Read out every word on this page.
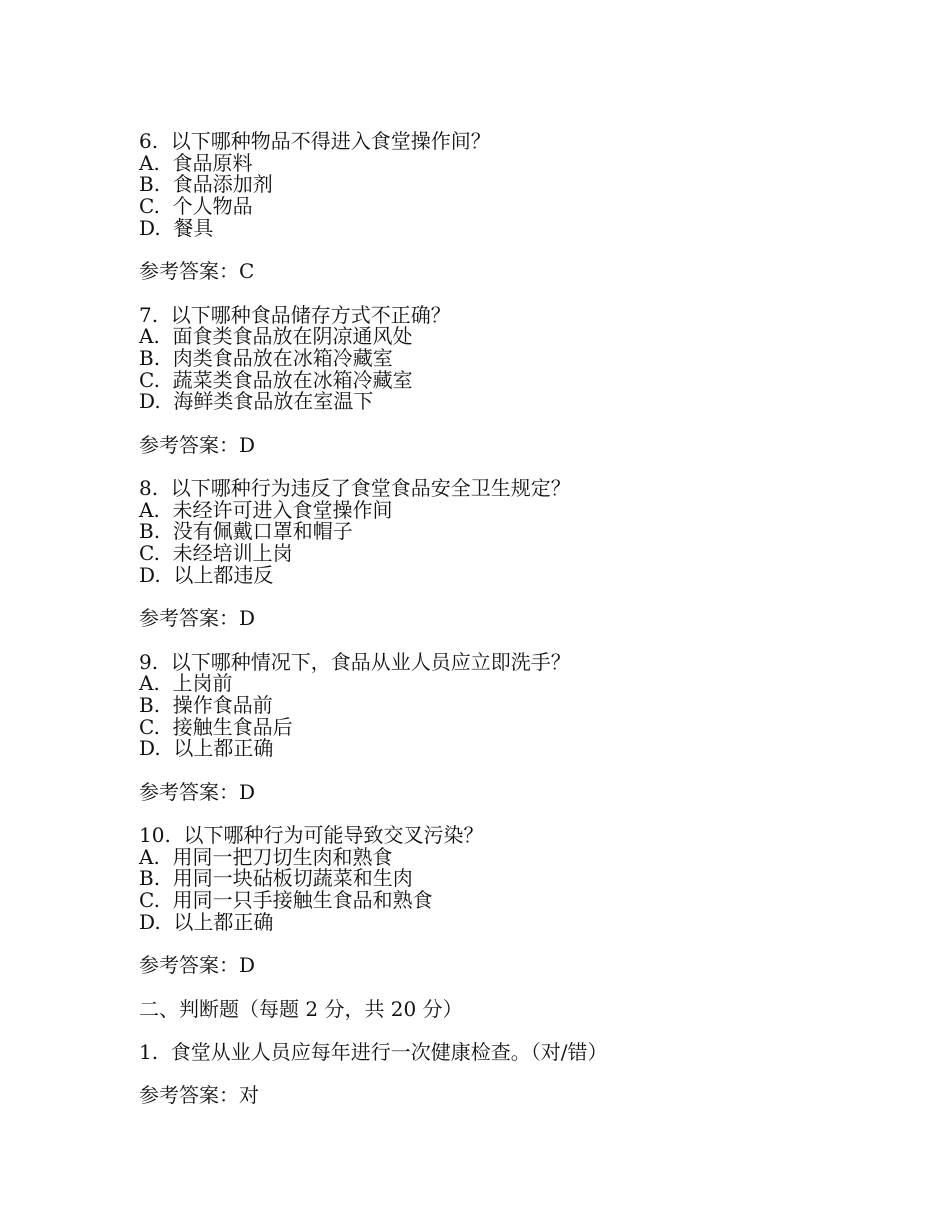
6.  以下哪种物品不得进入食堂操作间？
A.  食品原料
B.  食品添加剂
C.  个人物品
D.  餐具
参考答案：C
7.  以下哪种食品储存方式不正确？
A.  面食类食品放在阴凉通风处
B.  肉类食品放在冰箱冷藏室
C.  蔬菜类食品放在冰箱冷藏室
D.  海鲜类食品放在室温下
参考答案：D
8.  以下哪种行为违反了食堂食品安全卫生规定？
A.  未经许可进入食堂操作间
B.  没有佩戴口罩和帽子
C.  未经培训上岗
D.  以上都违反
参考答案：D
9.  以下哪种情况下，食品从业人员应立即洗手？
A.  上岗前
B.  操作食品前
C.  接触生食品后
D.  以上都正确
参考答案：D
10.  以下哪种行为可能导致交叉污染？
A.  用同一把刀切生肉和熟食
B.  用同一块砧板切蔬菜和生肉
C.  用同一只手接触生食品和熟食
D.  以上都正确
参考答案：D
二、判断题（每题 2 分，共 20 分）
1.  食堂从业人员应每年进行一次健康检查。（对/错）
参考答案：对
